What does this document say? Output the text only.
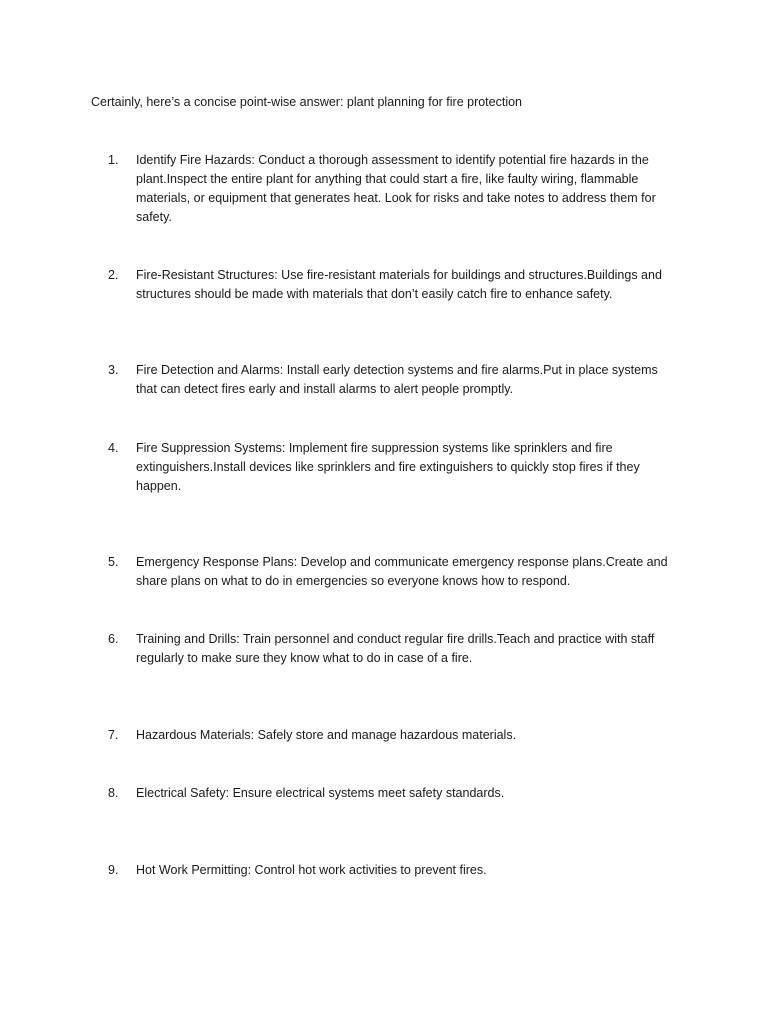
Certainly, here’s a concise point-wise answer: plant planning for fire protection

1.	Identify Fire Hazards: Conduct a thorough assessment to identify potential fire hazards in the plant.Inspect the entire plant for anything that could start a fire, like faulty wiring, flammable materials, or equipment that generates heat. Look for risks and take notes to address them for safety.
2.	Fire-Resistant Structures: Use fire-resistant materials for buildings and structures.Buildings and structures should be made with materials that don’t easily catch fire to enhance safety.
3.	Fire Detection and Alarms: Install early detection systems and fire alarms.Put in place systems that can detect fires early and install alarms to alert people promptly.
4.	Fire Suppression Systems: Implement fire suppression systems like sprinklers and fire extinguishers.Install devices like sprinklers and fire extinguishers to quickly stop fires if they happen.
5.	Emergency Response Plans: Develop and communicate emergency response plans.Create and share plans on what to do in emergencies so everyone knows how to respond.
6.	Training and Drills: Train personnel and conduct regular fire drills.Teach and practice with staff regularly to make sure they know what to do in case of a fire.
7.	Hazardous Materials: Safely store and manage hazardous materials.
8.	Electrical Safety: Ensure electrical systems meet safety standards.
9.	Hot Work Permitting: Control hot work activities to prevent fires.
